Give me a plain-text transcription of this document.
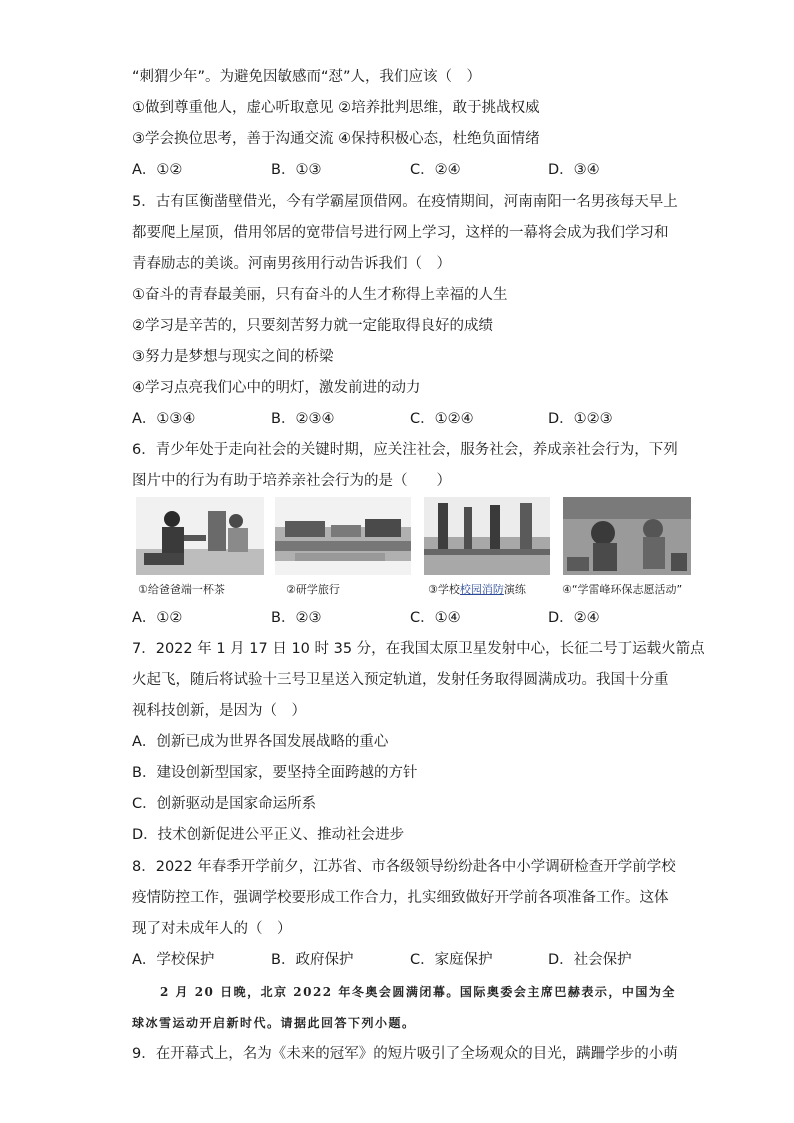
“刺猬少年”。为避免因敏感而“怼”人，我们应该（　）
①做到尊重他人，虚心听取意见 ②培养批判思维，敢于挑战权威
③学会换位思考，善于沟通交流 ④保持积极心态，杜绝负面情绪
A．①②	B．①③	C．②④	D．③④
5．古有匡衡凿壁借光，今有学霸屋顶借网。在疫情期间，河南南阳一名男孩每天早上
都要爬上屋顶，借用邻居的宽带信号进行网上学习，这样的一幕将会成为我们学习和
青春励志的美谈。河南男孩用行动告诉我们（　）
①奋斗的青春最美丽，只有奋斗的人生才称得上幸福的人生
②学习是辛苦的，只要刻苦努力就一定能取得良好的成绩
③努力是梦想与现实之间的桥梁
④学习点亮我们心中的明灯，激发前进的动力
A．①③④	B．②③④	C．①②④	D．①②③
6．青少年处于走向社会的关键时期，应关注社会，服务社会，养成亲社会行为，下列
图片中的行为有助于培养亲社会行为的是（　　）
①给爸爸端一杯茶	②研学旅行	③学校校园消防演练	④“学雷峰环保志愿活动”
A．①②	B．②③	C．①④	D．②④
7．2022 年 1 月 17 日 10 时 35 分，在我国太原卫星发射中心，长征二号丁运载火箭点
火起飞，随后将试验十三号卫星送入预定轨道，发射任务取得圆满成功。我国十分重
视科技创新，是因为（　）
A．创新已成为世界各国发展战略的重心
B．建设创新型国家，要坚持全面跨越的方针
C．创新驱动是国家命运所系
D．技术创新促进公平正义、推动社会进步
8．2022 年春季开学前夕，江苏省、市各级领导纷纷赴各中小学调研检查开学前学校
疫情防控工作，强调学校要形成工作合力，扎实细致做好开学前各项准备工作。这体
现了对未成年人的（　）
A．学校保护	B．政府保护	C．家庭保护	D．社会保护
2 月 20 日晚，北京 2022 年冬奥会圆满闭幕。国际奥委会主席巴赫表示，中国为全
球冰雪运动开启新时代。请据此回答下列小题。
9．在开幕式上，名为《未来的冠军》的短片吸引了全场观众的目光，蹒跚学步的小萌
